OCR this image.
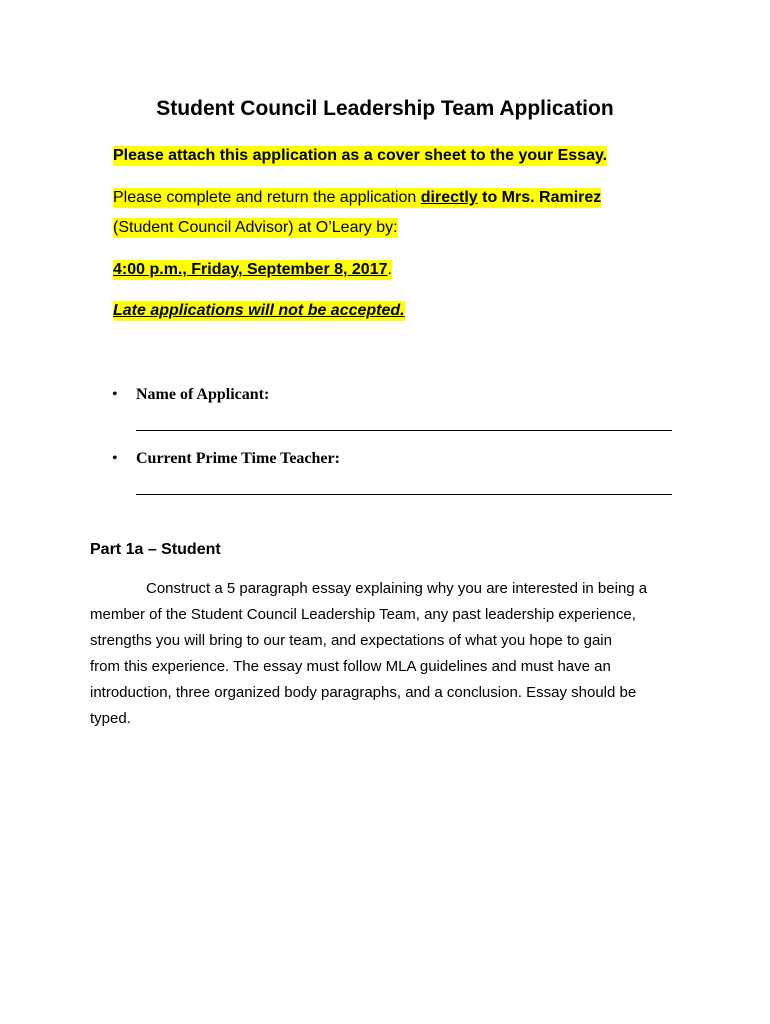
Student Council Leadership Team Application
Please attach this application as a cover sheet to the your Essay.
Please complete and return the application directly to Mrs. Ramirez
(Student Council Advisor) at O’Leary by:
4:00 p.m., Friday, September 8, 2017.
Late applications will not be accepted.
• Name of Applicant:
• Current Prime Time Teacher:
Part 1a – Student
Construct a 5 paragraph essay explaining why you are interested in being a
member of the Student Council Leadership Team, any past leadership experience,
strengths you will bring to our team, and expectations of what you hope to gain
from this experience. The essay must follow MLA guidelines and must have an
introduction, three organized body paragraphs, and a conclusion. Essay should be
typed.
